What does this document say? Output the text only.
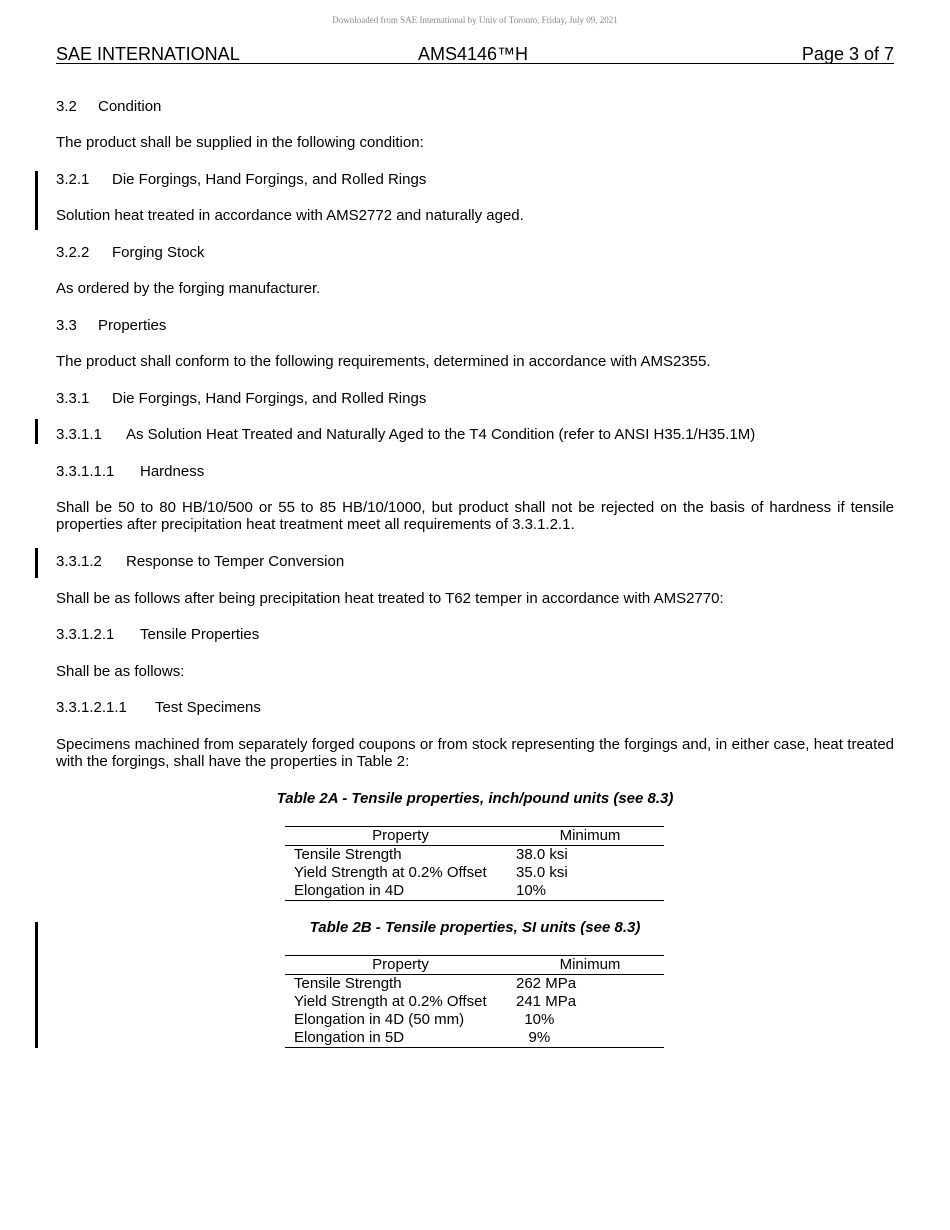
Downloaded from SAE International by Univ of Toronto, Friday, July 09, 2021
SAE INTERNATIONAL	AMS4146™H	Page 3 of 7
3.2 Condition
The product shall be supplied in the following condition:
3.2.1 Die Forgings, Hand Forgings, and Rolled Rings
Solution heat treated in accordance with AMS2772 and naturally aged.
3.2.2 Forging Stock
As ordered by the forging manufacturer.
3.3 Properties
The product shall conform to the following requirements, determined in accordance with AMS2355.
3.3.1 Die Forgings, Hand Forgings, and Rolled Rings
3.3.1.1 As Solution Heat Treated and Naturally Aged to the T4 Condition (refer to ANSI H35.1/H35.1M)
3.3.1.1.1 Hardness
Shall be 50 to 80 HB/10/500 or 55 to 85 HB/10/1000, but product shall not be rejected on the basis of hardness if tensile properties after precipitation heat treatment meet all requirements of 3.3.1.2.1.
3.3.1.2 Response to Temper Conversion
Shall be as follows after being precipitation heat treated to T62 temper in accordance with AMS2770:
3.3.1.2.1 Tensile Properties
Shall be as follows:
3.3.1.2.1.1 Test Specimens
Specimens machined from separately forged coupons or from stock representing the forgings and, in either case, heat treated with the forgings, shall have the properties in Table 2:
Table 2A - Tensile properties, inch/pound units (see 8.3)
Property	Minimum
Tensile Strength	38.0 ksi
Yield Strength at 0.2% Offset	35.0 ksi
Elongation in 4D	10%
Table 2B - Tensile properties, SI units (see 8.3)
Property	Minimum
Tensile Strength	262 MPa
Yield Strength at 0.2% Offset	241 MPa
Elongation in 4D (50 mm)	10%
Elongation in 5D	9%
